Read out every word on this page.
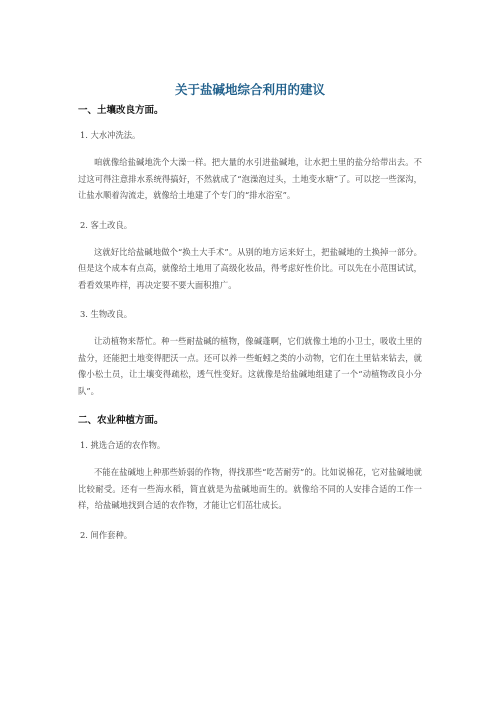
关于盐碱地综合利用的建议
一、土壤改良方面。
1. 大水冲洗法。

咱就像给盐碱地洗个大澡一样。把大量的水引进盐碱地，让水把土里的盐分给带出去。不过这可得注意排水系统得搞好，不然就成了“泡澡泡过头，土地变水塘”了。可以挖一些深沟，让盐水顺着沟流走，就像给土地建了个专门的“排水浴室”。

2. 客土改良。

这就好比给盐碱地做个“换土大手术”。从别的地方运来好土，把盐碱地的土换掉一部分。但是这个成本有点高，就像给土地用了高级化妆品，得考虑好性价比。可以先在小范围试试，看看效果咋样，再决定要不要大面积推广。

3. 生物改良。

让动植物来帮忙。种一些耐盐碱的植物，像碱蓬啊，它们就像土地的小卫士，吸收土里的盐分，还能把土地变得肥沃一点。还可以养一些蚯蚓之类的小动物，它们在土里钻来钻去，就像小松土员，让土壤变得疏松，透气性变好。这就像是给盐碱地组建了一个“动植物改良小分队”。

二、农业种植方面。
1. 挑选合适的农作物。

不能在盐碱地上种那些娇弱的作物，得找那些“吃苦耐劳”的。比如说棉花，它对盐碱地就比较耐受。还有一些海水稻，简直就是为盐碱地而生的。就像给不同的人安排合适的工作一样，给盐碱地找到合适的农作物，才能让它们茁壮成长。

2. 间作套种。
